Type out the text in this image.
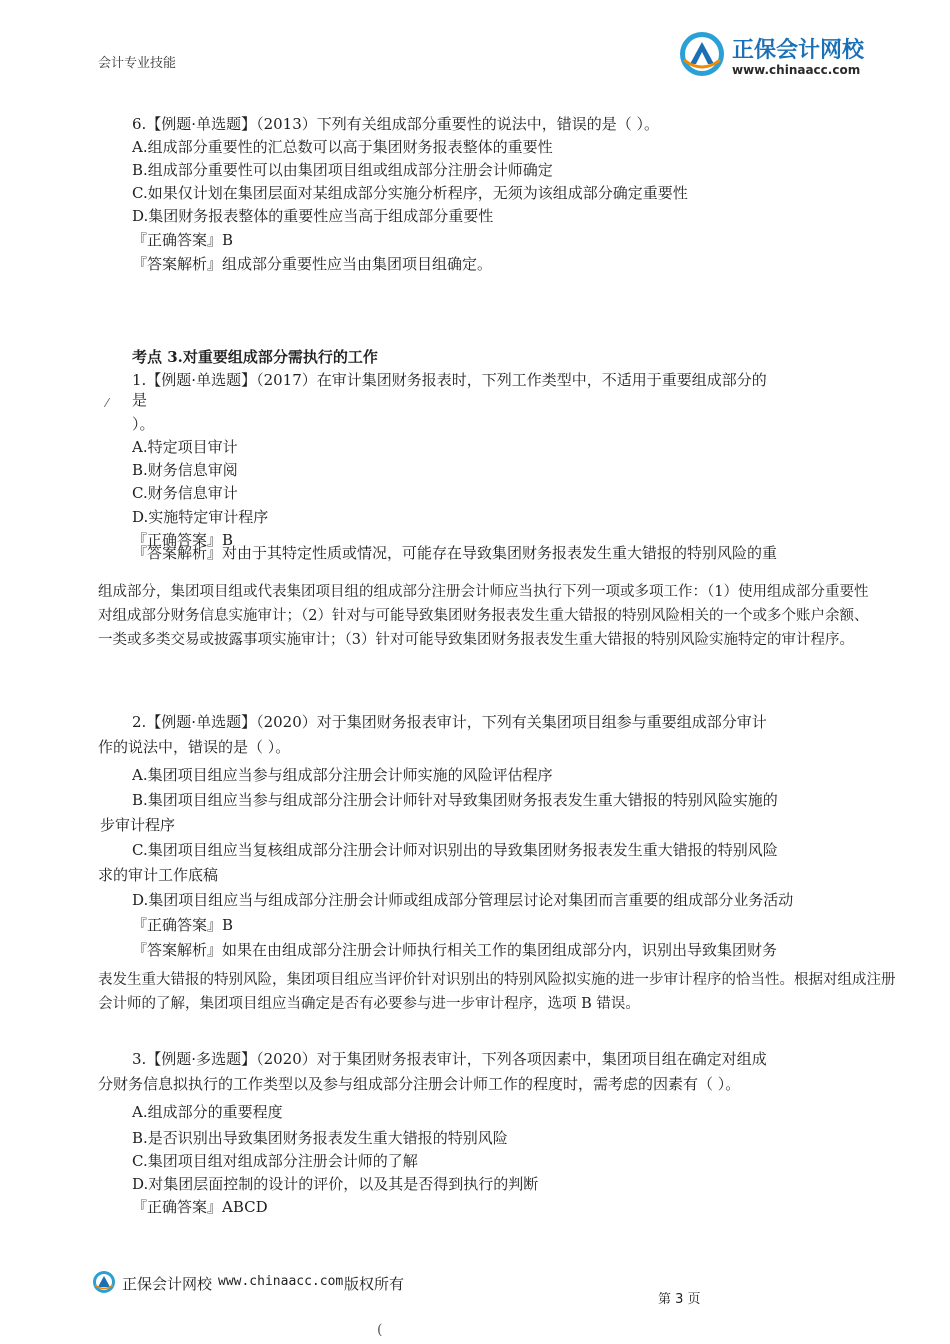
会计专业技能
正保会计网校
www.chinaacc.com
6.【例题·单选题】（2013）下列有关组成部分重要性的说法中，错误的是（ ）。
A.组成部分重要性的汇总数可以高于集团财务报表整体的重要性
B.组成部分重要性可以由集团项目组或组成部分注册会计师确定
C.如果仅计划在集团层面对某组成部分实施分析程序，无须为该组成部分确定重要性
D.集团财务报表整体的重要性应当高于组成部分重要性
『正确答案』B
『答案解析』组成部分重要性应当由集团项目组确定。
考点 3.对重要组成部分需执行的工作
1.【例题·单选题】（2017）在审计集团财务报表时，下列工作类型中，不适用于重要组成部分的
⁄ 是
）。
A.特定项目审计
B.财务信息审阅
C.财务信息审计
D.实施特定审计程序
『正确答案』B
『答案解析』对由于其特定性质或情况，可能存在导致集团财务报表发生重大错报的特别风险的重
组成部分，集团项目组或代表集团项目组的组成部分注册会计师应当执行下列一项或多项工作：（1）使用组成部分重要性对组成部分财务信息实施审计；（2）针对与可能导致集团财务报表发生重大错报的特别风险相关的一个或多个账户余额、一类或多类交易或披露事项实施审计；（3）针对可能导致集团财务报表发生重大错报的特别风险实施特定的审计程序。
2.【例题·单选题】（2020）对于集团财务报表审计，下列有关集团项目组参与重要组成部分审计
作的说法中，错误的是（ ）。
A.集团项目组应当参与组成部分注册会计师实施的风险评估程序
B.集团项目组应当参与组成部分注册会计师针对导致集团财务报表发生重大错报的特别风险实施的
步审计程序
C.集团项目组应当复核组成部分注册会计师对识别出的导致集团财务报表发生重大错报的特别风险
求的审计工作底稿
D.集团项目组应当与组成部分注册会计师或组成部分管理层讨论对集团而言重要的组成部分业务活动
『正确答案』B
『答案解析』如果在由组成部分注册会计师执行相关工作的集团组成部分内，识别出导致集团财务
表发生重大错报的特别风险，集团项目组应当评价针对识别出的特别风险拟实施的进一步审计程序的恰当性。根据对组成注册会计师的了解，集团项目组应当确定是否有必要参与进一步审计程序，选项 B 错误。
3.【例题·多选题】（2020）对于集团财务报表审计，下列各项因素中，集团项目组在确定对组成
分财务信息拟执行的工作类型以及参与组成部分注册会计师工作的程度时，需考虑的因素有（ ）。
A.组成部分的重要程度
B.是否识别出导致集团财务报表发生重大错报的特别风险
C.集团项目组对组成部分注册会计师的了解
D.对集团层面控制的设计的评价，以及其是否得到执行的判断
『正确答案』ABCD
正保会计网校 www.chinaacc.com 版权所有
第 3 页
(
